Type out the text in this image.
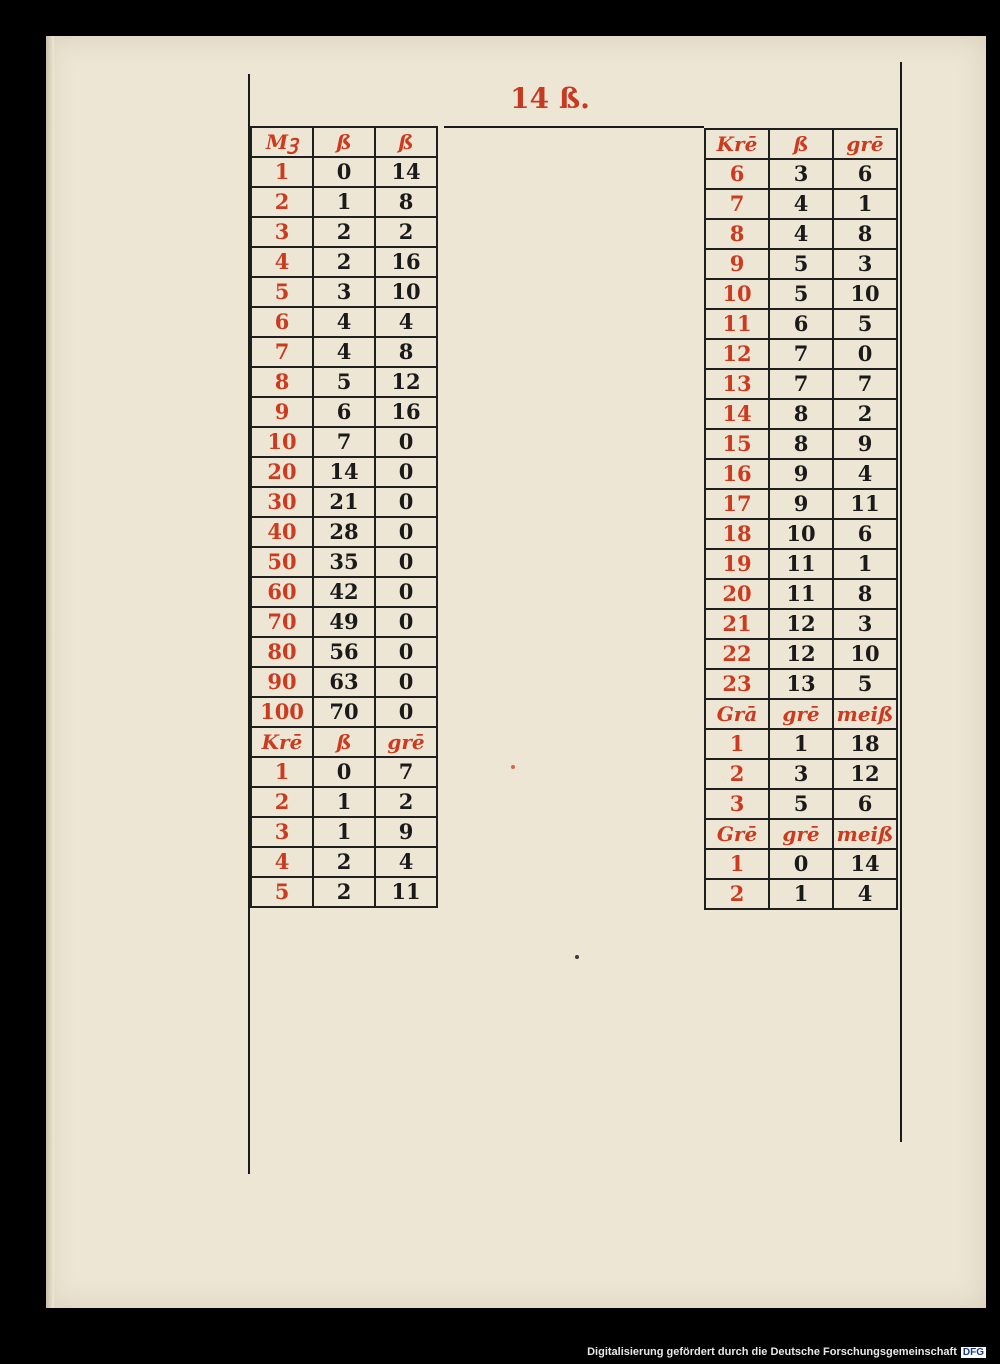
14 ß.
Mꝫ	ß	ß
1	0	14
2	1	8
3	2	2
4	2	16
5	3	10
6	4	4
7	4	8
8	5	12
9	6	16
10	7	0
20	14	0
30	21	0
40	28	0
50	35	0
60	42	0
70	49	0
80	56	0
90	63	0
100	70	0
Krē	ß	grē
1	0	7
2	1	2
3	1	9
4	2	4
5	2	11
Krē	ß	grē
6	3	6
7	4	1
8	4	8
9	5	3
10	5	10
11	6	5
12	7	0
13	7	7
14	8	2
15	8	9
16	9	4
17	9	11
18	10	6
19	11	1
20	11	8
21	12	3
22	12	10
23	13	5
Grā	grē	meiß
1	1	18
2	3	12
3	5	6
Grē	grē	meiß
1	0	14
2	1	4
Digitalisierung gefördert durch die Deutsche Forschungsgemeinschaft DFG
